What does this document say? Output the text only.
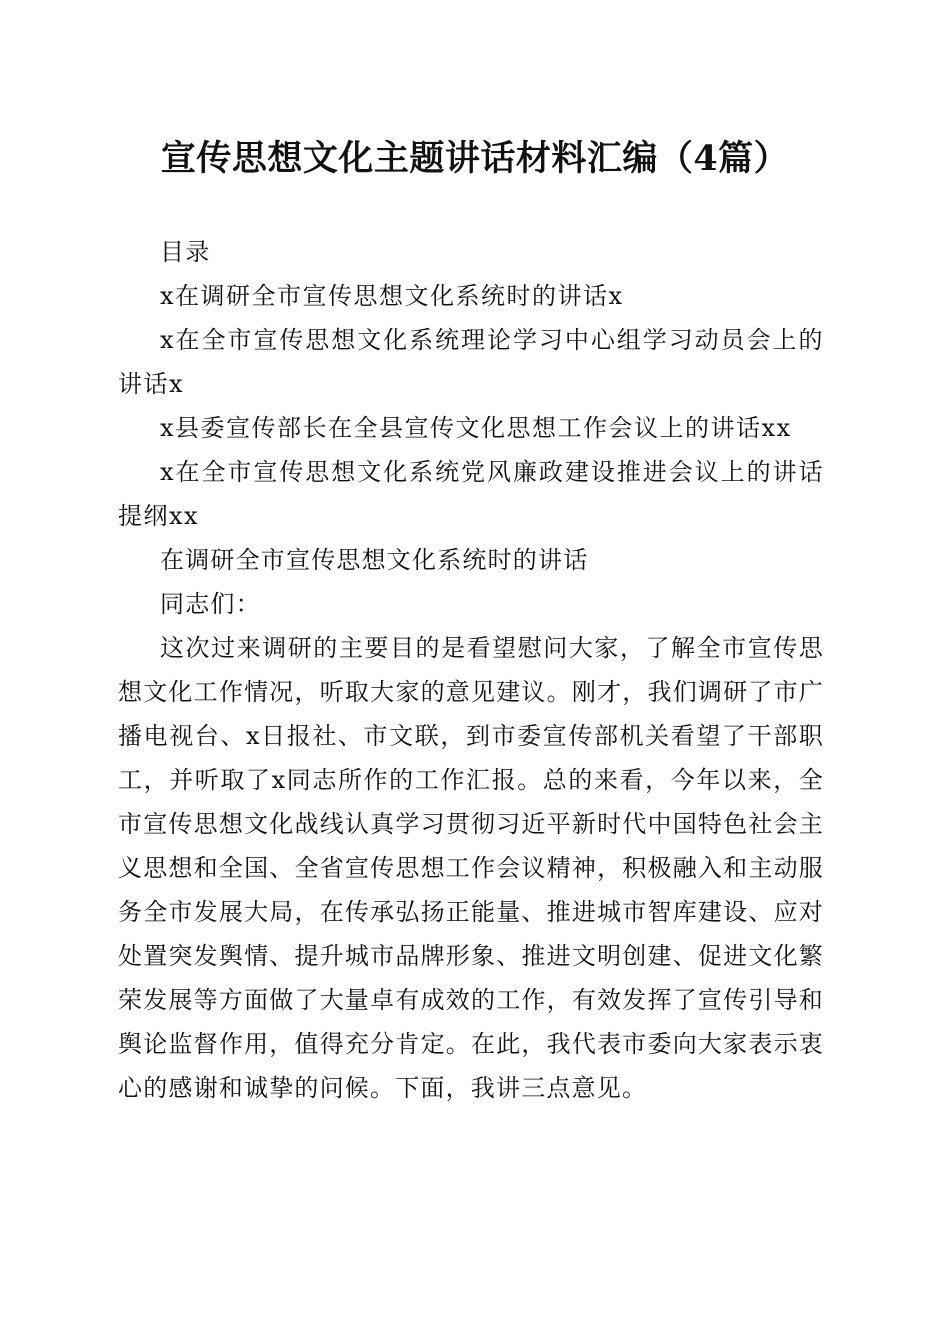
宣传思想文化主题讲话材料汇编（4篇）

目录

x在调研全市宣传思想文化系统时的讲话x

x在全市宣传思想文化系统理论学习中心组学习动员会上的讲话x

x县委宣传部长在全县宣传文化思想工作会议上的讲话xx

x在全市宣传思想文化系统党风廉政建设推进会议上的讲话提纲xx

在调研全市宣传思想文化系统时的讲话

同志们：

这次过来调研的主要目的是看望慰问大家，了解全市宣传思想文化工作情况，听取大家的意见建议。刚才，我们调研了市广播电视台、x日报社、市文联，到市委宣传部机关看望了干部职工，并听取了x同志所作的工作汇报。总的来看，今年以来，全市宣传思想文化战线认真学习贯彻习近平新时代中国特色社会主义思想和全国、全省宣传思想工作会议精神，积极融入和主动服务全市发展大局，在传承弘扬正能量、推进城市智库建设、应对处置突发舆情、提升城市品牌形象、推进文明创建、促进文化繁荣发展等方面做了大量卓有成效的工作，有效发挥了宣传引导和舆论监督作用，值得充分肯定。在此，我代表市委向大家表示衷心的感谢和诚挚的问候。下面，我讲三点意见。
